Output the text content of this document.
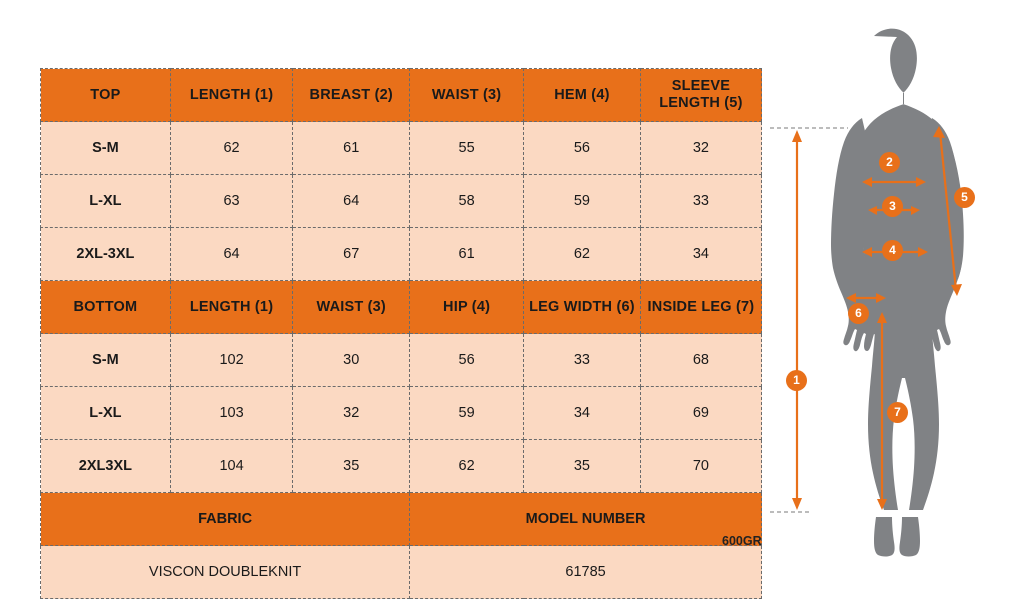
TOP	LENGTH (1)	BREAST (2)	WAIST (3)	HEM (4)	SLEEVE LENGTH (5)
S-M	62	61	55	56	32
L-XL	63	64	58	59	33
2XL-3XL	64	67	61	62	34
BOTTOM	LENGTH (1)	WAIST (3)	HIP (4)	LEG WIDTH (6)	INSIDE LEG (7)
S-M	102	30	56	33	68
L-XL	103	32	59	34	69
2XL3XL	104	35	62	35	70
FABRIC			MODEL NUMBER		
VISCON DOUBLEKNIT			61785		
600GR
2
5
3
4
6
1
7
